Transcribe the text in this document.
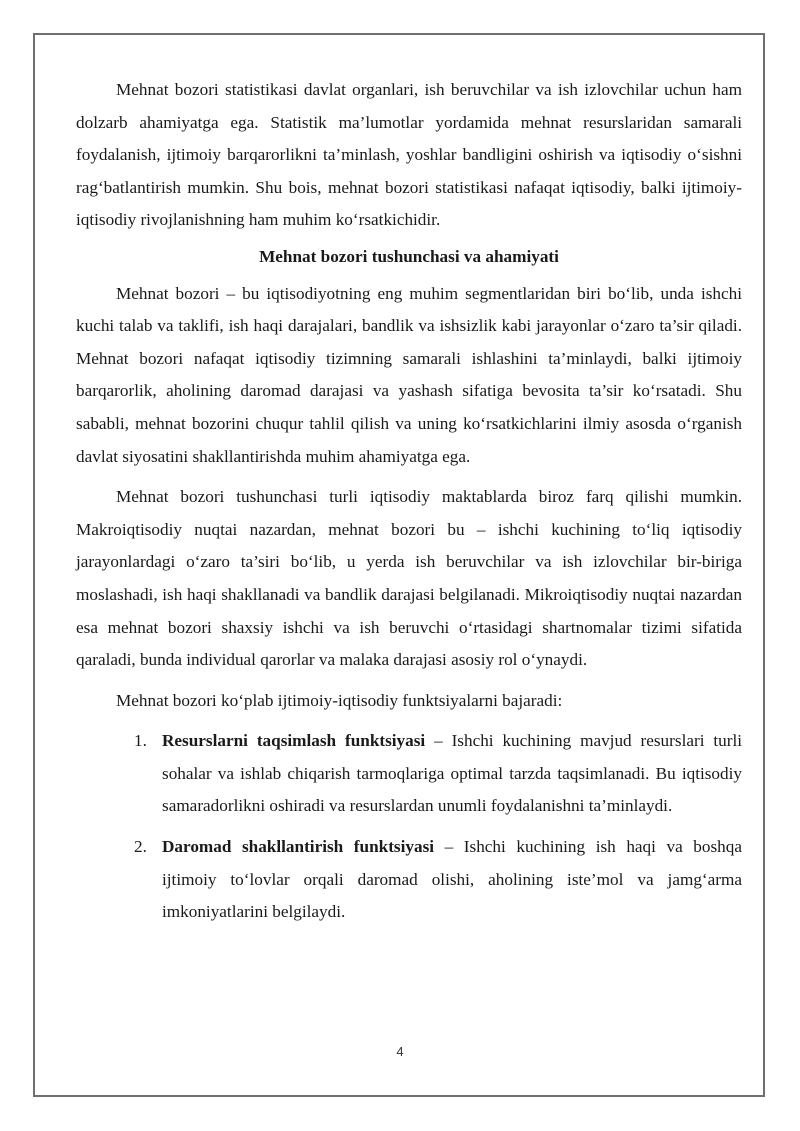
Mehnat bozori statistikasi davlat organlari, ish beruvchilar va ish izlovchilar uchun ham dolzarb ahamiyatga ega. Statistik ma’lumotlar yordamida mehnat resurslaridan samarali foydalanish, ijtimoiy barqarorlikni ta’minlash, yoshlar bandligini oshirish va iqtisodiy o‘sishni rag‘batlantirish mumkin. Shu bois, mehnat bozori statistikasi nafaqat iqtisodiy, balki ijtimoiy-iqtisodiy rivojlanishning ham muhim ko‘rsatkichidir.

Mehnat bozori tushunchasi va ahamiyati

Mehnat bozori – bu iqtisodiyotning eng muhim segmentlaridan biri bo‘lib, unda ishchi kuchi talab va taklifi, ish haqi darajalari, bandlik va ishsizlik kabi jarayonlar o‘zaro ta’sir qiladi. Mehnat bozori nafaqat iqtisodiy tizimning samarali ishlashini ta’minlaydi, balki ijtimoiy barqarorlik, aholining daromad darajasi va yashash sifatiga bevosita ta’sir ko‘rsatadi. Shu sababli, mehnat bozorini chuqur tahlil qilish va uning ko‘rsatkichlarini ilmiy asosda o‘rganish davlat siyosatini shakllantirishda muhim ahamiyatga ega.

Mehnat bozori tushunchasi turli iqtisodiy maktablarda biroz farq qilishi mumkin. Makroiqtisodiy nuqtai nazardan, mehnat bozori bu – ishchi kuchining to‘liq iqtisodiy jarayonlardagi o‘zaro ta’siri bo‘lib, u yerda ish beruvchilar va ish izlovchilar bir-biriga moslashadi, ish haqi shakllanadi va bandlik darajasi belgilanadi. Mikroiqtisodiy nuqtai nazardan esa mehnat bozori shaxsiy ishchi va ish beruvchi o‘rtasidagi shartnomalar tizimi sifatida qaraladi, bunda individual qarorlar va malaka darajasi asosiy rol o‘ynaydi.

Mehnat bozori ko‘plab ijtimoiy-iqtisodiy funktsiyalarni bajaradi:

1. Resurslarni taqsimlash funktsiyasi – Ishchi kuchining mavjud resurslari turli sohalar va ishlab chiqarish tarmoqlariga optimal tarzda taqsimlanadi. Bu iqtisodiy samaradorlikni oshiradi va resurslardan unumli foydalanishni ta’minlaydi.
2. Daromad shakllantirish funktsiyasi – Ishchi kuchining ish haqi va boshqa ijtimoiy to‘lovlar orqali daromad olishi, aholining iste’mol va jamg‘arma imkoniyatlarini belgilaydi.
4
